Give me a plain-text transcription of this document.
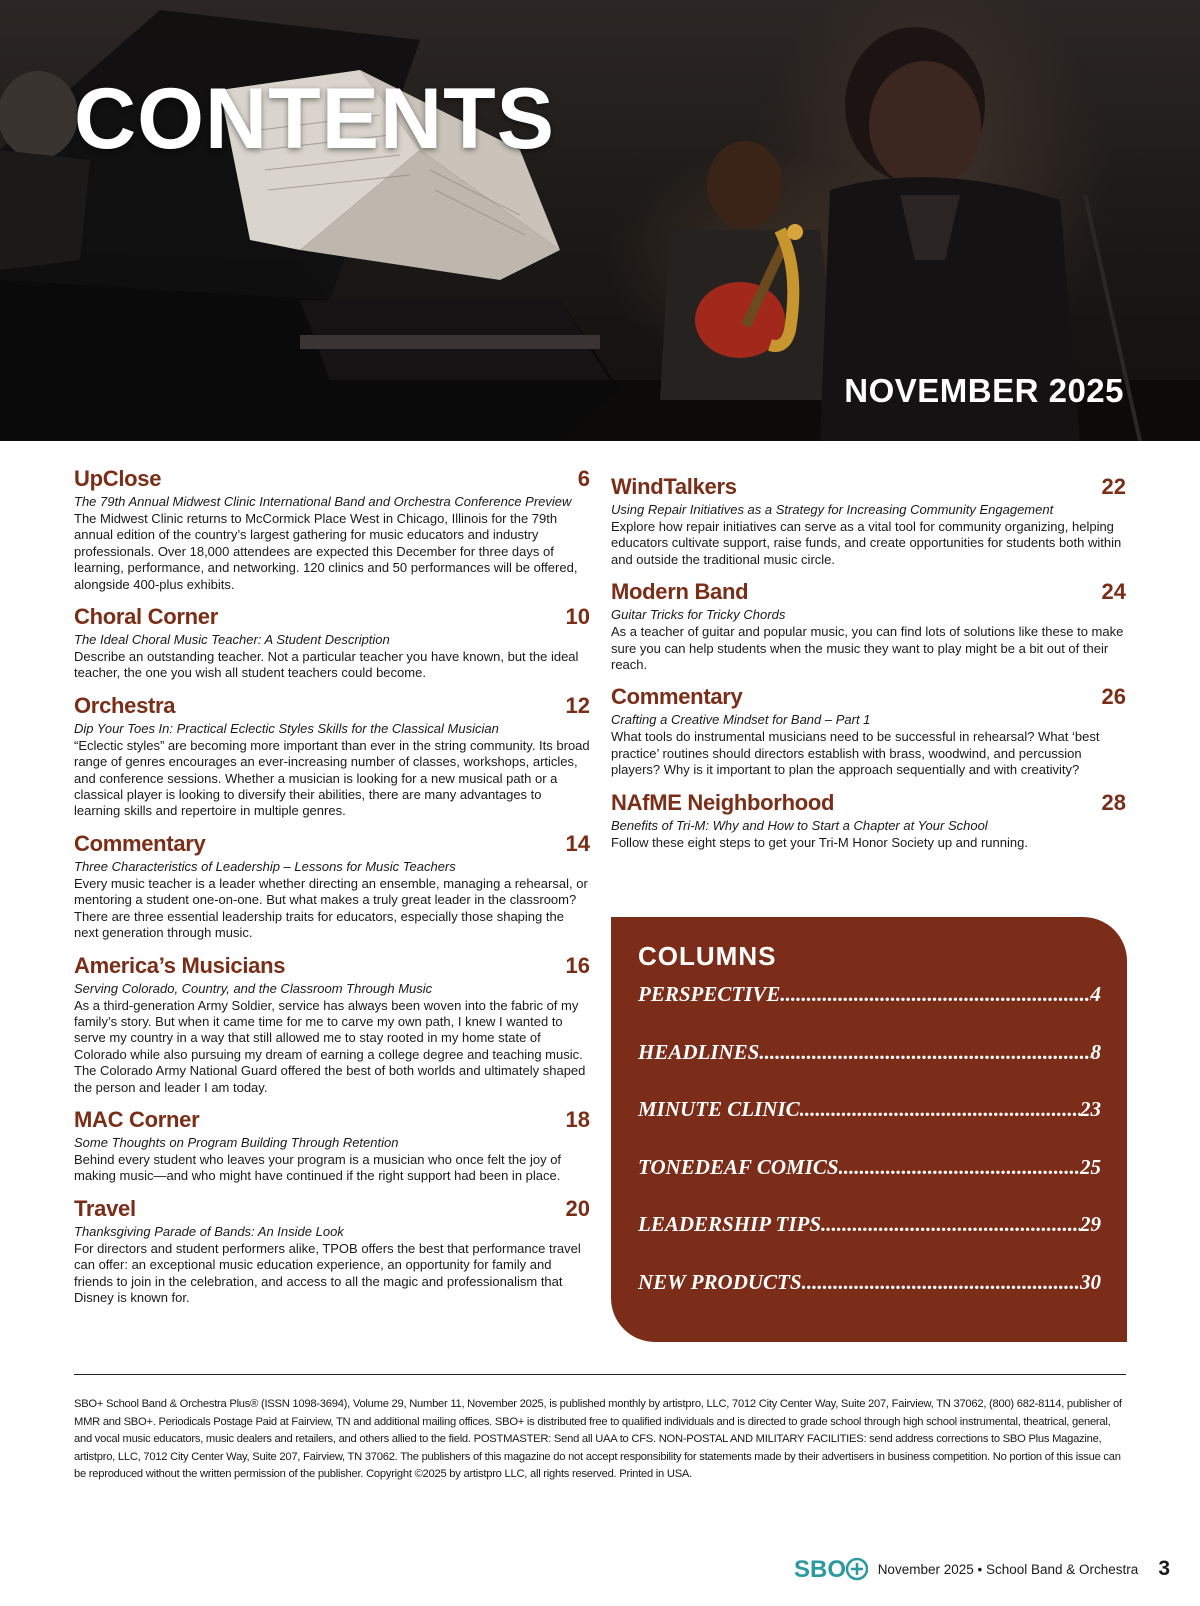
CONTENTS
NOVEMBER 2025
UpClose	6
The 79th Annual Midwest Clinic International Band and Orchestra Conference Preview
The Midwest Clinic returns to McCormick Place West in Chicago, Illinois for the 79th annual edition of the country’s largest gathering for music educators and industry professionals. Over 18,000 attendees are expected this December for three days of learning, performance, and networking. 120 clinics and 50 performances will be offered, alongside 400-plus exhibits.
Choral Corner	10
The Ideal Choral Music Teacher: A Student Description
Describe an outstanding teacher. Not a particular teacher you have known, but the ideal teacher, the one you wish all student teachers could become.
Orchestra	12
Dip Your Toes In: Practical Eclectic Styles Skills for the Classical Musician
“Eclectic styles” are becoming more important than ever in the string community. Its broad range of genres encourages an ever-increasing number of classes, workshops, articles, and conference sessions. Whether a musician is looking for a new musical path or a classical player is looking to diversify their abilities, there are many advantages to learning skills and repertoire in multiple genres.
Commentary	14
Three Characteristics of Leadership – Lessons for Music Teachers
Every music teacher is a leader whether directing an ensemble, managing a rehearsal, or mentoring a student one-on-one. But what makes a truly great leader in the classroom? There are three essential leadership traits for educators, especially those shaping the next generation through music.
America’s Musicians	16
Serving Colorado, Country, and the Classroom Through Music
As a third-generation Army Soldier, service has always been woven into the fabric of my family’s story. But when it came time for me to carve my own path, I knew I wanted to serve my country in a way that still allowed me to stay rooted in my home state of Colorado while also pursuing my dream of earning a college degree and teaching music. The Colorado Army National Guard offered the best of both worlds and ultimately shaped the person and leader I am today.
MAC Corner	18
Some Thoughts on Program Building Through Retention
Behind every student who leaves your program is a musician who once felt the joy of making music—and who might have continued if the right support had been in place.
Travel	20
Thanksgiving Parade of Bands: An Inside Look
For directors and student performers alike, TPOB offers the best that performance travel can offer: an exceptional music education experience, an opportunity for family and friends to join in the celebration, and access to all the magic and professionalism that Disney is known for.
WindTalkers	22
Using Repair Initiatives as a Strategy for Increasing Community Engagement
Explore how repair initiatives can serve as a vital tool for community organizing, helping educators cultivate support, raise funds, and create opportunities for students both within and outside the traditional music circle.
Modern Band	24
Guitar Tricks for Tricky Chords
As a teacher of guitar and popular music, you can find lots of solutions like these to make sure you can help students when the music they want to play might be a bit out of their reach.
Commentary	26
Crafting a Creative Mindset for Band – Part 1
What tools do instrumental musicians need to be successful in rehearsal? What ‘best practice’ routines should directors establish with brass, woodwind, and percussion players? Why is it important to plan the approach sequentially and with creativity?
NAfME Neighborhood	28
Benefits of Tri-M: Why and How to Start a Chapter at Your School
Follow these eight steps to get your Tri-M Honor Society up and running.
COLUMNS
PERSPECTIVE .....	4
HEADLINES .....	8
MINUTE CLINIC .....	23
TONEDEAF COMICS .....	25
LEADERSHIP TIPS .....	29
NEW PRODUCTS .....	30
SBO+ School Band & Orchestra Plus® (ISSN 1098-3694), Volume 29, Number 11, November 2025, is published monthly by artistpro, LLC, 7012 City Center Way, Suite 207, Fairview, TN 37062, (800) 682-8114, publisher of MMR and SBO+. Periodicals Postage Paid at Fairview, TN and additional mailing offices. SBO+ is distributed free to qualified individuals and is directed to grade school through high school instrumental, theatrical, general, and vocal music educators, music dealers and retailers, and others allied to the field. POSTMASTER: Send all UAA to CFS. NON-POSTAL AND MILITARY FACILITIES: send address corrections to SBO Plus Magazine, artistpro, LLC, 7012 City Center Way, Suite 207, Fairview, TN 37062. The publishers of this magazine do not accept responsibility for statements made by their advertisers in business competition. No portion of this issue can be reproduced without the written permission of the publisher. Copyright ©2025 by artistpro LLC, all rights reserved. Printed in USA.
SBO November 2025 • School Band & Orchestra 3
